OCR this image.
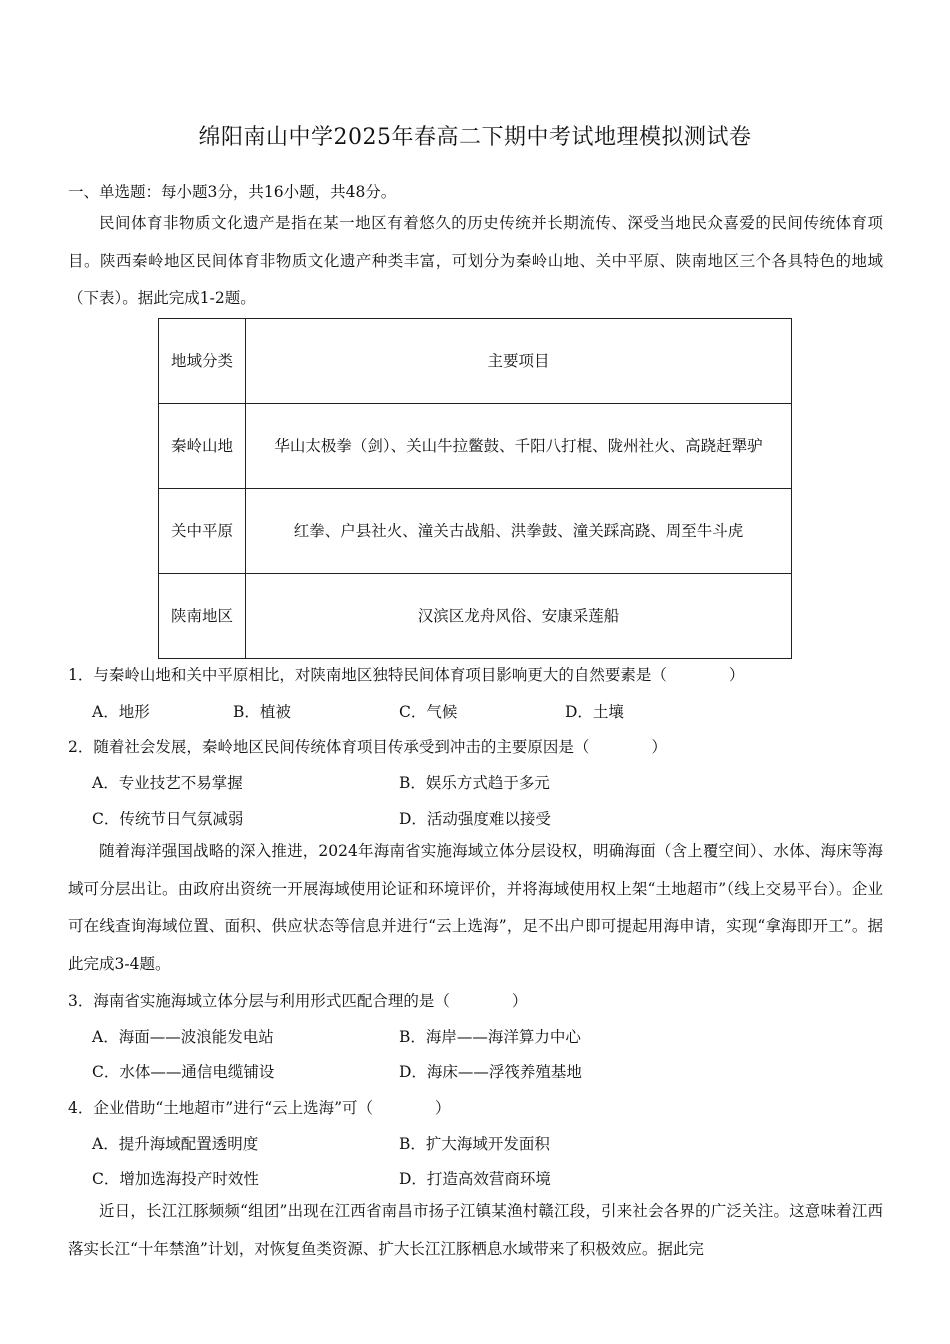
绵阳南山中学2025年春高二下期中考试地理模拟测试卷
一、单选题：每小题3分，共16小题，共48分。
民间体育非物质文化遗产是指在某一地区有着悠久的历史传统并长期流传、深受当地民众喜爱的民间传统体育项目。陕西秦岭地区民间体育非物质文化遗产种类丰富，可划分为秦岭山地、关中平原、陕南地区三个各具特色的地域（下表）。据此完成1-2题。
地域分类	主要项目
秦岭山地	华山太极拳（剑）、关山牛拉鳖鼓、千阳八打棍、陇州社火、高跷赶犟驴
关中平原	红拳、户县社火、潼关古战船、洪拳鼓、潼关踩高跷、周至牛斗虎
陕南地区	汉滨区龙舟风俗、安康采莲船
1．与秦岭山地和关中平原相比，对陕南地区独特民间体育项目影响更大的自然要素是（　　　　）
A．地形	B．植被	C．气候	D．土壤
2．随着社会发展，秦岭地区民间传统体育项目传承受到冲击的主要原因是（　　　　）
A．专业技艺不易掌握	B．娱乐方式趋于多元
C．传统节日气氛减弱	D．活动强度难以接受
随着海洋强国战略的深入推进，2024年海南省实施海域立体分层设权，明确海面（含上覆空间）、水体、海床等海域可分层出让。由政府出资统一开展海域使用论证和环境评价，并将海域使用权上架“土地超市”（线上交易平台）。企业可在线查询海域位置、面积、供应状态等信息并进行“云上选海”，足不出户即可提起用海申请，实现“拿海即开工”。据此完成3-4题。
3．海南省实施海域立体分层与利用形式匹配合理的是（　　　　）
A．海面——波浪能发电站	B．海岸——海洋算力中心
C．水体——通信电缆铺设	D．海床——浮筏养殖基地
4．企业借助“土地超市”进行“云上选海”可（　　　　）
A．提升海域配置透明度	B．扩大海域开发面积
C．增加选海投产时效性	D．打造高效营商环境
近日，长江江豚频频“组团”出现在江西省南昌市扬子江镇某渔村赣江段，引来社会各界的广泛关注。这意味着江西落实长江“十年禁渔”计划，对恢复鱼类资源、扩大长江江豚栖息水域带来了积极效应。据此完
